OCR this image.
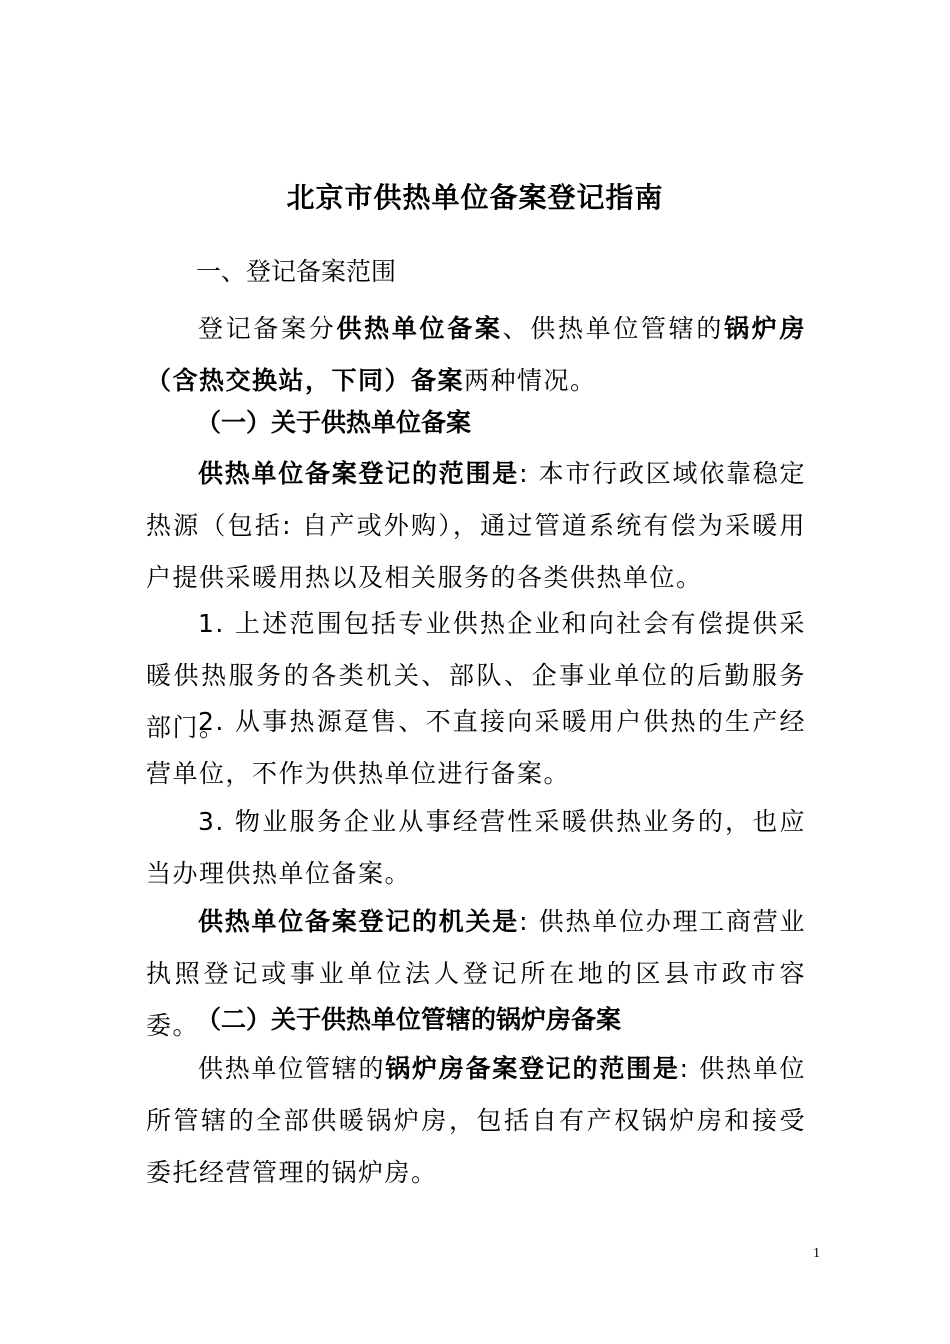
北京市供热单位备案登记指南
一、登记备案范围
登记备案分供热单位备案、供热单位管辖的锅炉房（含热交换站，下同）备案两种情况。
（一）关于供热单位备案
供热单位备案登记的范围是: 本市行政区域依靠稳定热源（包括: 自产或外购），通过管道系统有偿为采暖用户提供采暖用热以及相关服务的各类供热单位。
1. 上述范围包括专业供热企业和向社会有偿提供采暖供热服务的各类机关、部队、企事业单位的后勤服务部门。
2. 从事热源趸售、不直接向采暖用户供热的生产经营单位，不作为供热单位进行备案。
3. 物业服务企业从事经营性采暖供热业务的，也应当办理供热单位备案。
供热单位备案登记的机关是: 供热单位办理工商营业执照登记或事业单位法人登记所在地的区县市政市容委。
（二）关于供热单位管辖的锅炉房备案
供热单位管辖的锅炉房备案登记的范围是: 供热单位所管辖的全部供暖锅炉房，包括自有产权锅炉房和接受委托经营管理的锅炉房。
1
